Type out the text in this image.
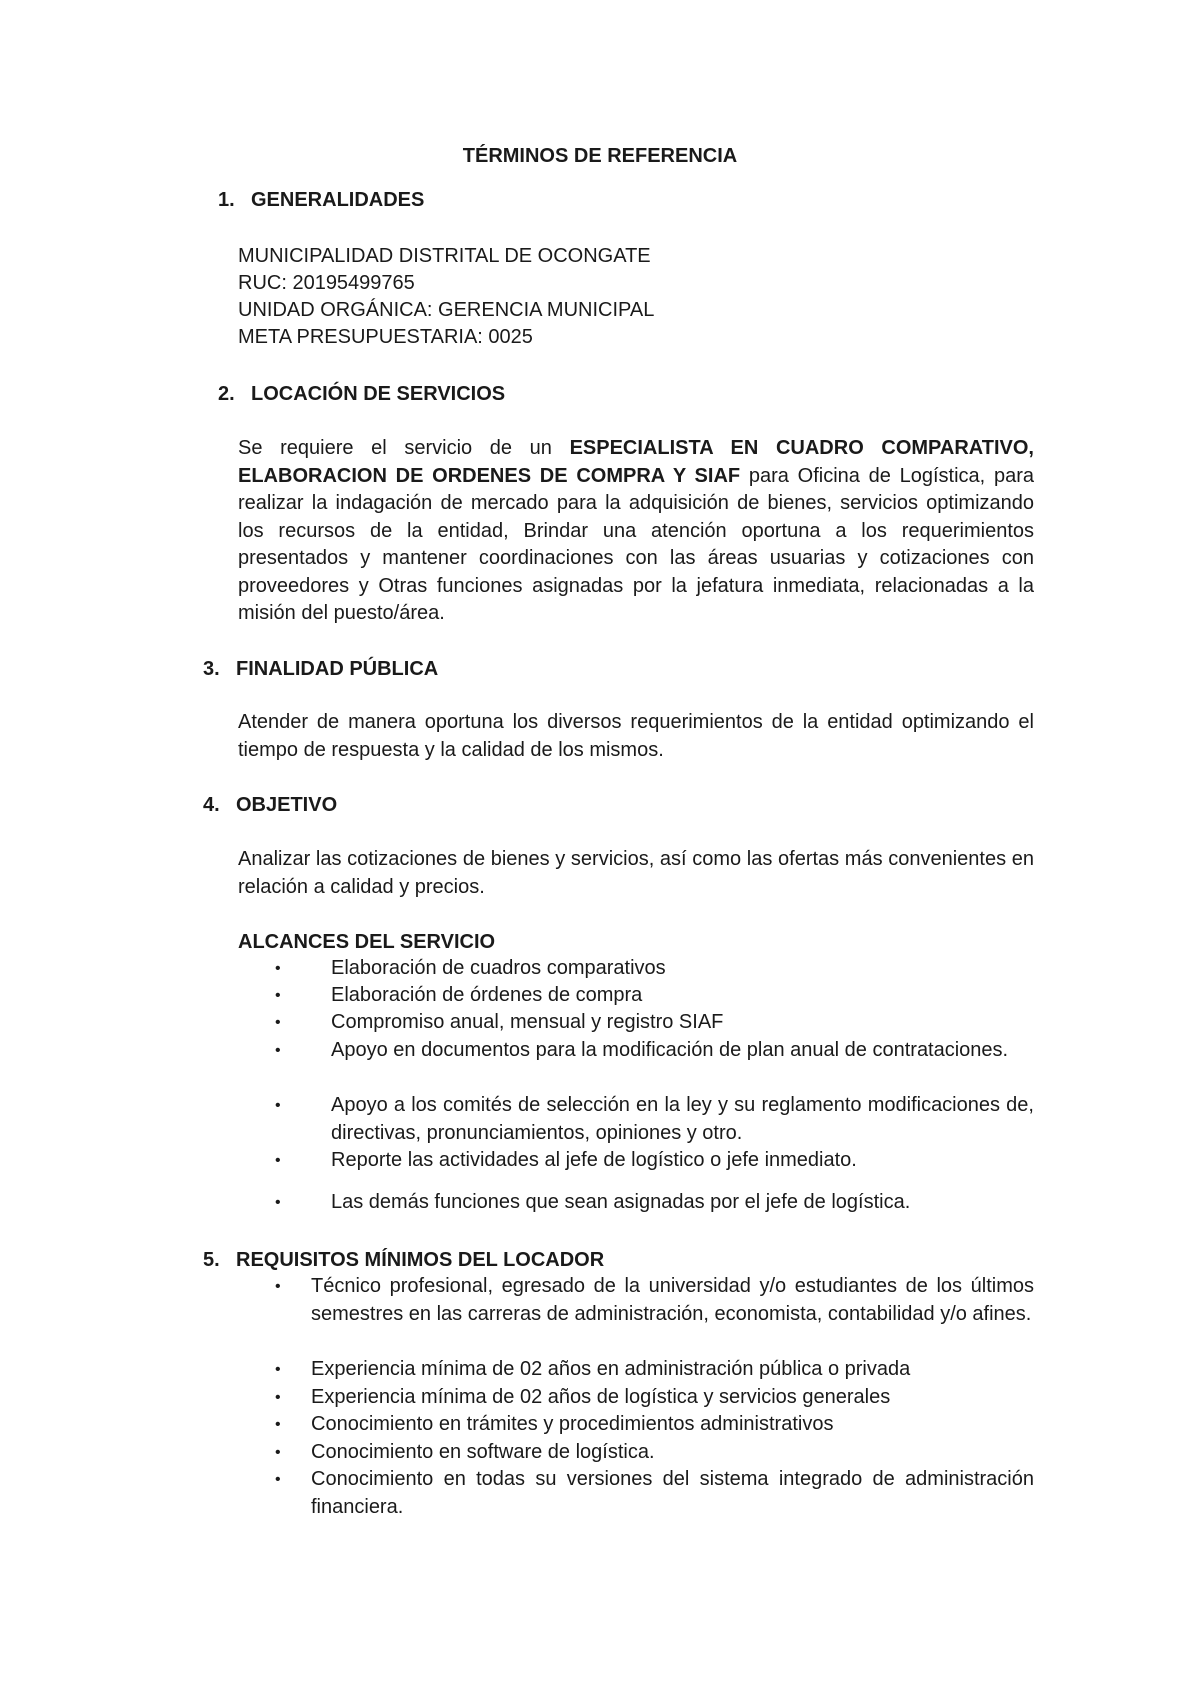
TÉRMINOS DE REFERENCIA
1. GENERALIDADES
MUNICIPALIDAD DISTRITAL DE OCONGATE
RUC: 20195499765
UNIDAD ORGÁNICA: GERENCIA MUNICIPAL
META PRESUPUESTARIA: 0025
2. LOCACIÓN DE SERVICIOS
Se requiere el servicio de un ESPECIALISTA EN CUADRO COMPARATIVO, ELABORACION DE ORDENES DE COMPRA Y SIAF para Oficina de Logística, para realizar la indagación de mercado para la adquisición de bienes, servicios optimizando los recursos de la entidad, Brindar una atención oportuna a los requerimientos presentados y mantener coordinaciones con las áreas usuarias y cotizaciones con proveedores y Otras funciones asignadas por la jefatura inmediata, relacionadas a la misión del puesto/área.
3. FINALIDAD PÚBLICA
Atender de manera oportuna los diversos requerimientos de la entidad optimizando el tiempo de respuesta y la calidad de los mismos.
4. OBJETIVO
Analizar las cotizaciones de bienes y servicios, así como las ofertas más convenientes en relación a calidad y precios.
ALCANCES DEL SERVICIO
•	Elaboración de cuadros comparativos
•	Elaboración de órdenes de compra
•	Compromiso anual, mensual y registro SIAF
•	Apoyo en documentos para la modificación de plan anual de contrataciones.
•	Apoyo a los comités de selección en la ley y su reglamento modificaciones de, directivas, pronunciamientos, opiniones y otro.
•	Reporte las actividades al jefe de logístico o jefe inmediato.
•	Las demás funciones que sean asignadas por el jefe de logística.
5. REQUISITOS MÍNIMOS DEL LOCADOR
• Técnico profesional, egresado de la universidad y/o estudiantes de los últimos semestres en las carreras de administración, economista, contabilidad y/o afines.
• Experiencia mínima de 02 años en administración pública o privada
• Experiencia mínima de 02 años de logística y servicios generales
• Conocimiento en trámites y procedimientos administrativos
• Conocimiento en software de logística.
• Conocimiento en todas su versiones del sistema integrado de administración financiera.
